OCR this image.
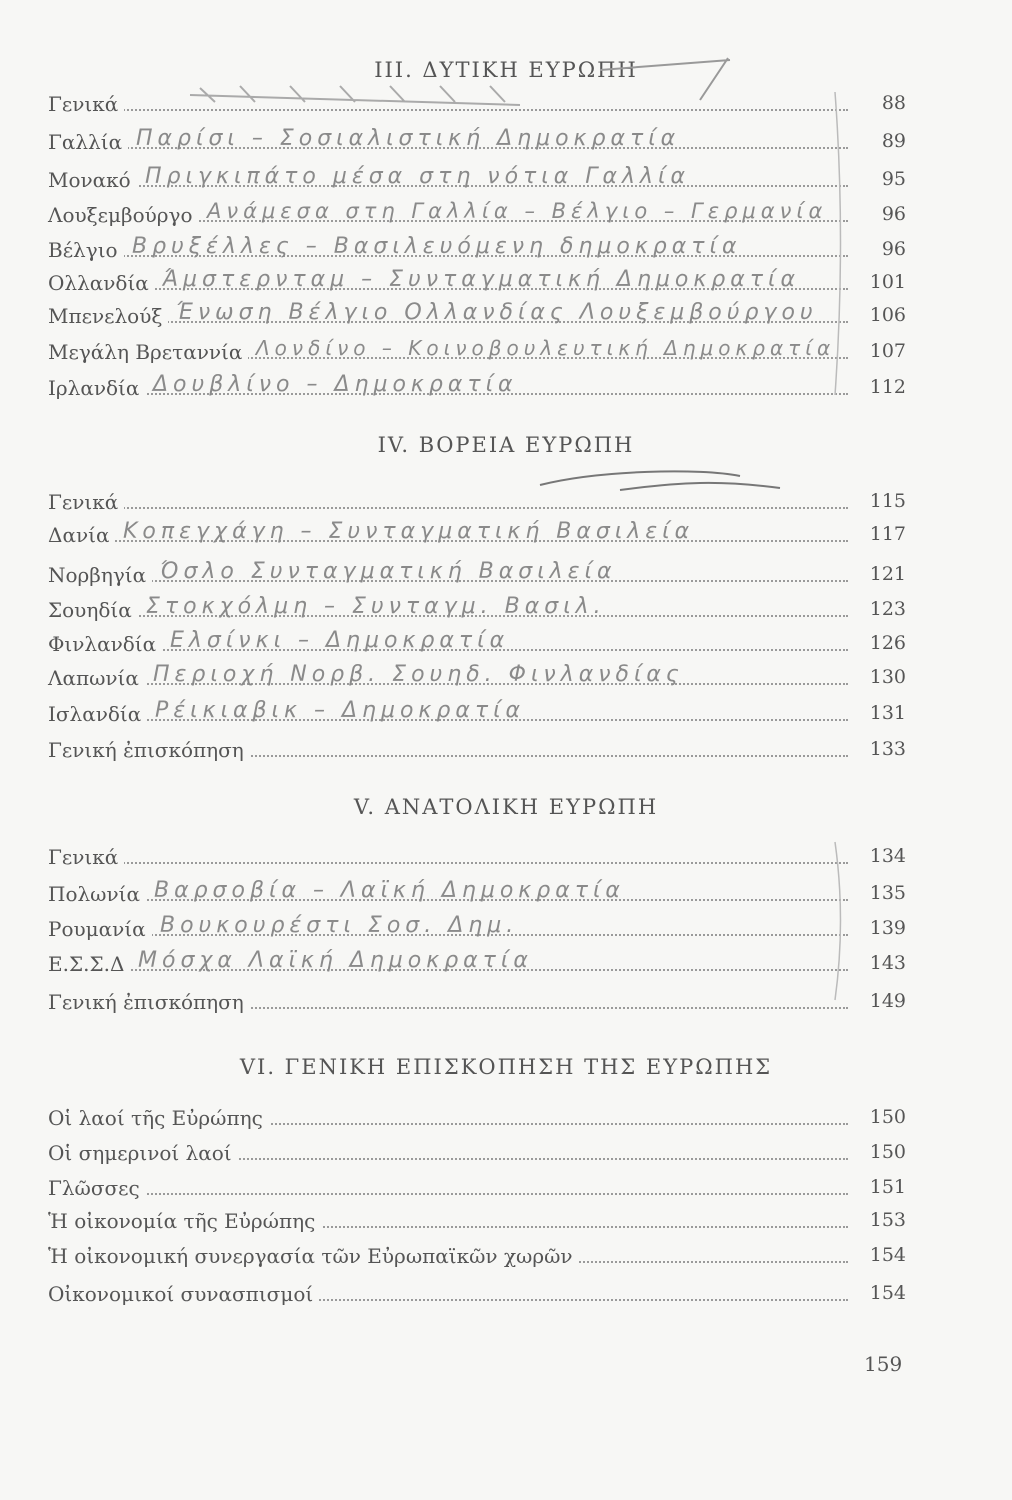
III. ΔΥΤΙΚΗ ΕΥΡΩΠΗ
Γενικά	88
Γαλλία Παρίσι – Σοσιαλιστική Δημοκρατία	89
Μονακό Πριγκιπάτο μέσα στη νότια Γαλλία	95
Λουξεμβούργο Ανάμεσα στη Γαλλία – Βέλγιο – Γερμανία	96
Βέλγιο Βρυξέλλες – Βασιλευόμενη δημοκρατία	96
Ολλανδία Άμστερνταμ – Συνταγματική Δημοκρατία	101
Μπενελούξ Ένωση Βέλγιο Ολλανδίας Λουξεμβούργου	106
Μεγάλη Βρεταννία Λονδίνο – Κοινοβουλευτική Δημοκρατία 107
Ιρλανδία Δουβλίνο – Δημοκρατία	112
IV. ΒΟΡΕΙΑ ΕΥΡΩΠΗ
Γενικά	115
Δανία Κοπεγχάγη – Συνταγματική Βασιλεία	117
Νορβηγία Όσλο Συνταγματική Βασιλεία	121
Σουηδία Στοκχόλμη – Συνταγμ. Βασιλ.	123
Φινλανδία Ελσίνκι – Δημοκρατία	126
Λαπωνία Περιοχή Νορβ. Σουηδ. Φινλανδίας	130
Ισλανδία Ρέικιαβικ – Δημοκρατία	131
Γενική ἐπισκόπηση	133
V. ΑΝΑΤΟΛΙΚΗ ΕΥΡΩΠΗ
Γενικά	134
Πολωνία Βαρσοβία – Λαϊκή Δημοκρατία	135
Ρουμανία Βουκουρέστι Σοσ. Δημ.	139
Ε.Σ.Σ.Δ Μόσχα Λαϊκή Δημοκρατία	143
Γενική ἐπισκόπηση	149
VI. ΓΕΝΙΚΗ ΕΠΙΣΚΟΠΗΣΗ ΤΗΣ ΕΥΡΩΠΗΣ
Οἱ λαοί τῆς Εὐρώπης	150
Οἱ σημερινοί λαοί	150
Γλῶσσες	151
Ἡ οἰκονομία τῆς Εὐρώπης	153
Ἡ οἰκονομική συνεργασία τῶν Εὐρωπαϊκῶν χωρῶν	154
Οἰκονομικοί συνασπισμοί	154
159
